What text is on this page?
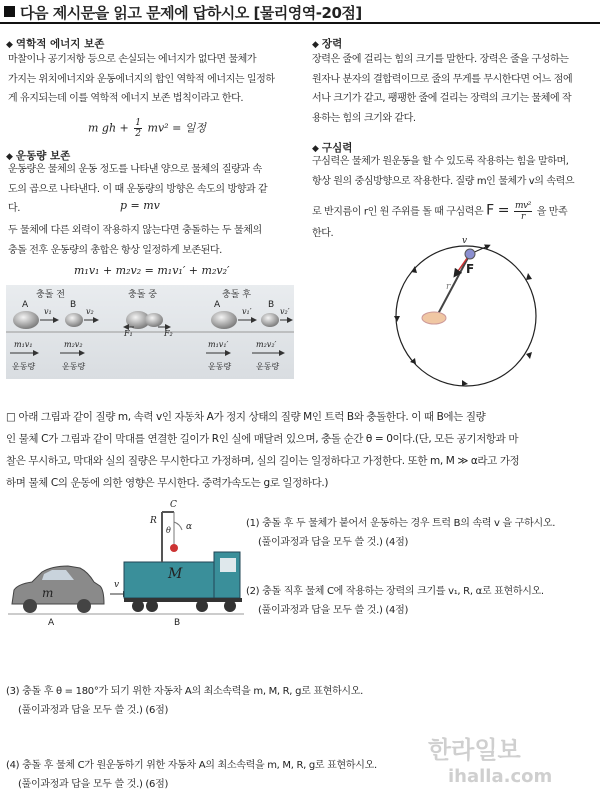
다음 제시문을 읽고 문제에 답하시오 [물리영역-20점]
◆ 역학적 에너지 보존
마찰이나 공기저항 등으로 손실되는 에너지가 없다면 물체가
가지는 위치에너지와 운동에너지의 합인 역학적 에너지는 일정하
게 유지되는데 이를 역학적 에너지 보존 법칙이라고 한다.
m gh + $\frac{1}{2} mv^2$ = 일정
◆ 운동량 보존
운동량은 물체의 운동 정도를 나타낸 양으로 물체의 질량과 속
도의 곱으로 나타낸다. 이 때 운동량의 방향은 속도의 방향과 같
다.	p = mv
두 물체에 다른 외력이 작용하지 않는다면 충돌하는 두 물체의
충돌 전후 운동량의 총합은 항상 일정하게 보존된다.
m₁v₁ + m₂v₂ = m₁v₁′ + m₂v₂′
충돌 전	충돌 중	충돌 후
A	B	A	B
v₁	v₂	v₁′	v₂′
F₁	F₂
m₁v₁	m₂v₂	m₁v₁′	m₂v₂′
운동량	운동량	운동량	운동량
◆ 장력
장력은 줄에 걸리는 힘의 크기를 말한다. 장력은 줄을 구성하는
원자나 분자의 결합력이므로 줄의 무게를 무시한다면 어느 점에
서나 크기가 같고, 팽팽한 줄에 걸리는 장력의 크기는 물체에 작
용하는 힘의 크기와 같다.
◆ 구심력
구심력은 물체가 원운동을 할 수 있도록 작용하는 힘을 말하며,
항상 원의 중심방향으로 작용한다. 질량 m인 물체가 v의 속력으
로 반지름이 r인 원 주위를 돌 때 구심력은 $F = \frac{\text{mv²}}{r}$ 을 만족
한다.
v
F
r
□ 아래 그림과 같이 질량 m, 속력 v인 자동차 A가 정지 상태의 질량 M인 트럭 B와 충돌한다. 이 때 B에는 질량
인 물체 C가 그림과 같이 막대를 연결한 길이가 R인 실에 매달려 있으며, 충돌 순간 θ = 0이다.(단, 모든 공기저항과 마
찰은 무시하고, 막대와 실의 질량은 무시한다고 가정하며, 실의 길이는 일정하다고 가정한다. 또한 m, M ≫ α라고 가정
하며 물체 C의 운동에 의한 영향은 무시한다. 중력가속도는 g로 일정하다.)
m
M
v
A	B
C
R
θ α	(1) 충돌 후 두 물체가 붙어서 운동하는 경우 트럭 B의 속력 v 을 구하시오.
(풀이과정과 답을 모두 쓸 것.) (4점)
(2) 충돌 직후 물체 C에 작용하는 장력의 크기를 v₁, R, α로 표현하시오.
(풀이과정과 답을 모두 쓸 것.) (4점)
(3) 충돌 후 θ = 180°가 되기 위한 자동차 A의 최소속력을 m, M, R, g로 표현하시오.
(풀이과정과 답을 모두 쓸 것.) (6점)
(4) 충돌 후 물체 C가 원운동하기 위한 자동차 A의 최소속력을 m, M, R, g로 표현하시오.
(풀이과정과 답을 모두 쓸 것.) (6점)
한라일보
ihalla.com
